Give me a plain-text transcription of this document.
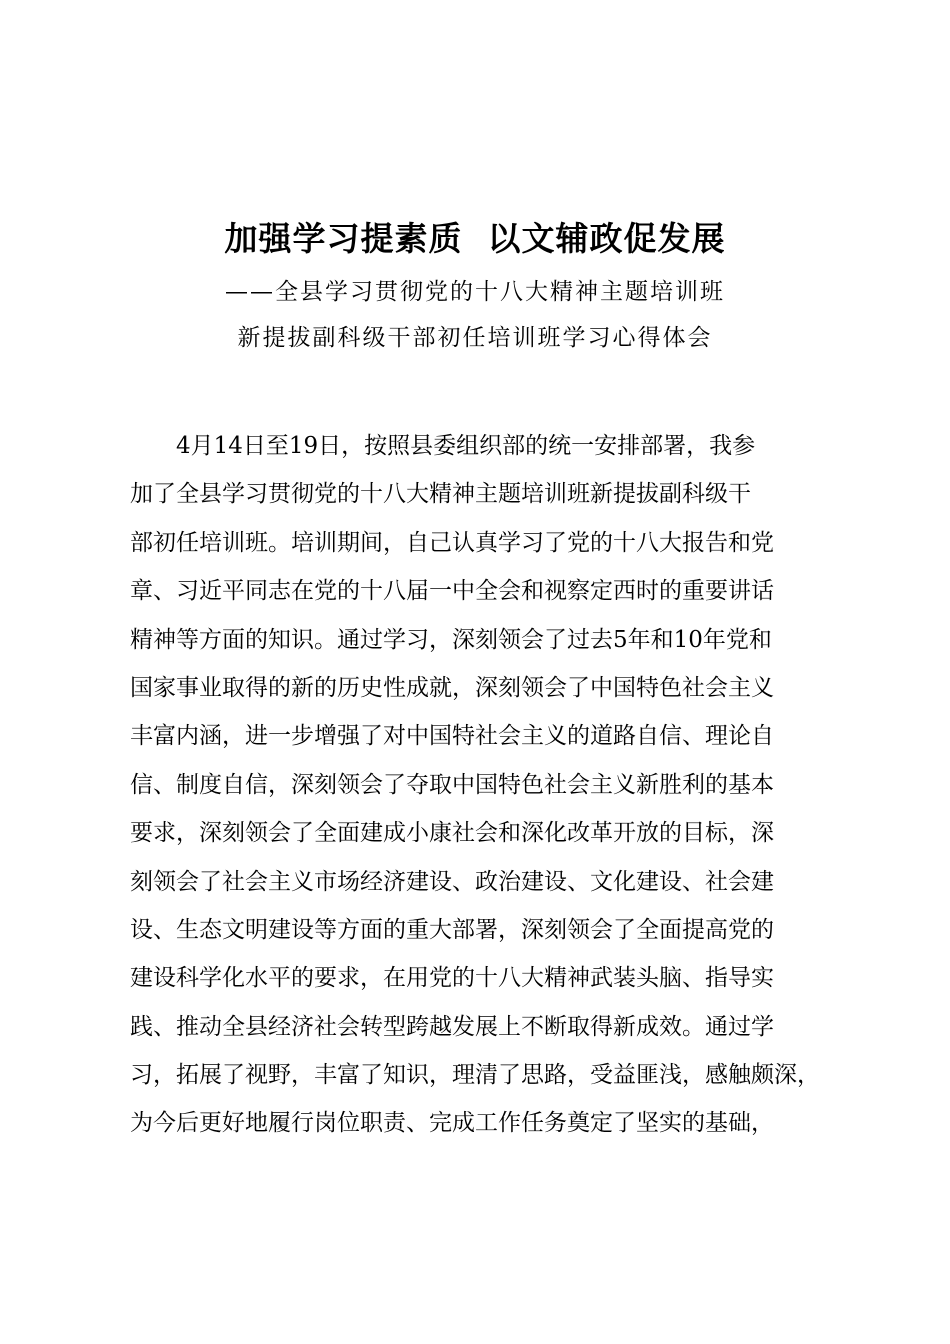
加强学习提素质  以文辅政促发展
——全县学习贯彻党的十八大精神主题培训班
新提拔副科级干部初任培训班学习心得体会
4月14日至19日，按照县委组织部的统一安排部署，我参
加了全县学习贯彻党的十八大精神主题培训班新提拔副科级干
部初任培训班。培训期间，自己认真学习了党的十八大报告和党
章、习近平同志在党的十八届一中全会和视察定西时的重要讲话
精神等方面的知识。通过学习，深刻领会了过去5年和10年党和
国家事业取得的新的历史性成就，深刻领会了中国特色社会主义
丰富内涵，进一步增强了对中国特社会主义的道路自信、理论自
信、制度自信，深刻领会了夺取中国特色社会主义新胜利的基本
要求，深刻领会了全面建成小康社会和深化改革开放的目标，深
刻领会了社会主义市场经济建设、政治建设、文化建设、社会建
设、生态文明建设等方面的重大部署，深刻领会了全面提高党的
建设科学化水平的要求，在用党的十八大精神武装头脑、指导实
践、推动全县经济社会转型跨越发展上不断取得新成效。通过学
习，拓展了视野，丰富了知识，理清了思路，受益匪浅，感触颇深，
为今后更好地履行岗位职责、完成工作任务奠定了坚实的基础，
